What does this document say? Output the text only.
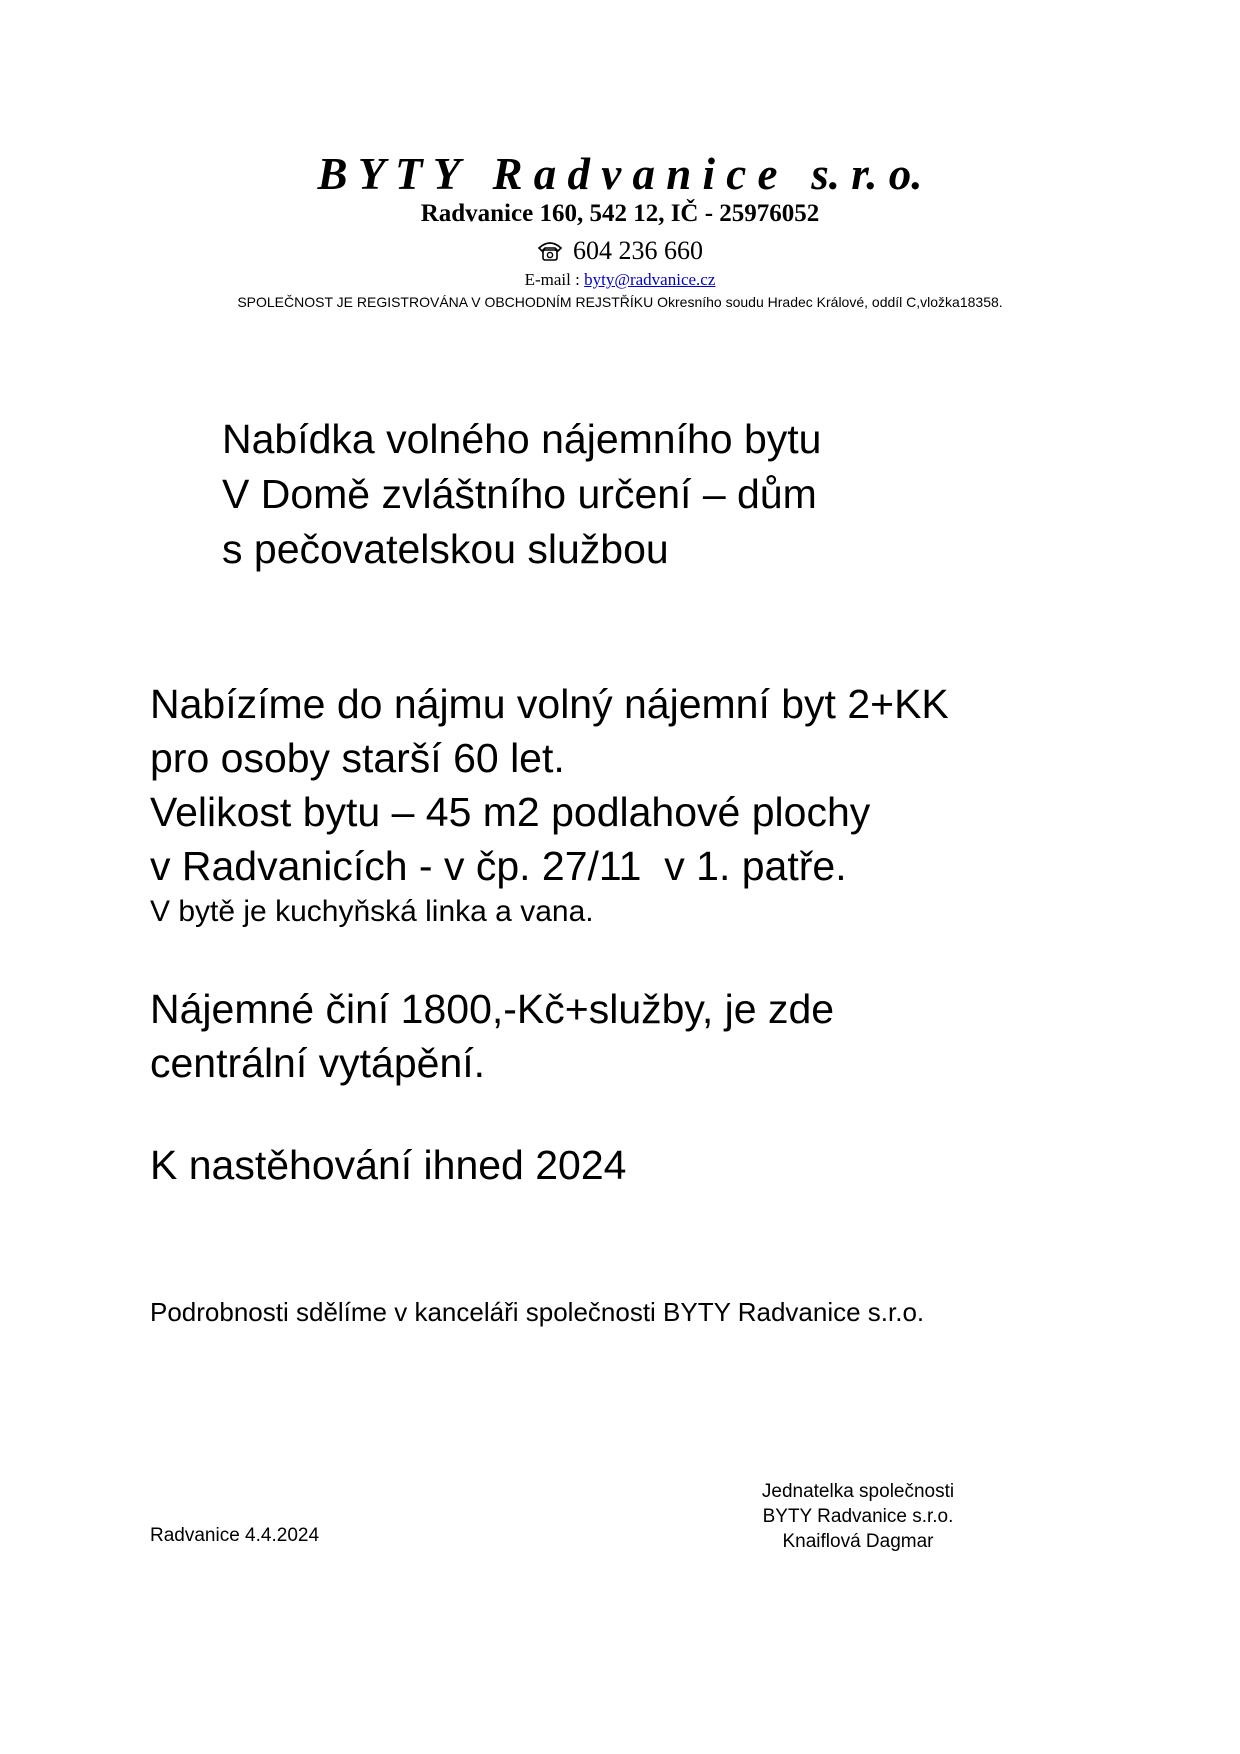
B Y T Y   R a d v a n i c e   s. r. o.
Radvanice 160, 542 12, IČ - 25976052
604 236 660
E-mail : byty@radvanice.cz
SPOLEČNOST JE REGISTROVÁNA V OBCHODNÍM REJSTŘÍKU Okresního soudu Hradec Králové, oddíl C,vložka18358.
Nabídka volného nájemního bytu
V Domě zvláštního určení – dům
s pečovatelskou službou
Nabízíme do nájmu volný nájemní byt 2+KK
pro osoby starší 60 let.
Velikost bytu – 45 m2 podlahové plochy
v Radvanicích - v čp. 27/11  v 1. patře.
V bytě je kuchyňská linka a vana.
Nájemné činí 1800,-Kč+služby, je zde
centrální vytápění.
K nastěhování ihned 2024
Podrobnosti sdělíme v kanceláři společnosti BYTY Radvanice s.r.o.
Radvanice 4.4.2024
Jednatelka společnosti
BYTY Radvanice s.r.o.
Knaiflová Dagmar
